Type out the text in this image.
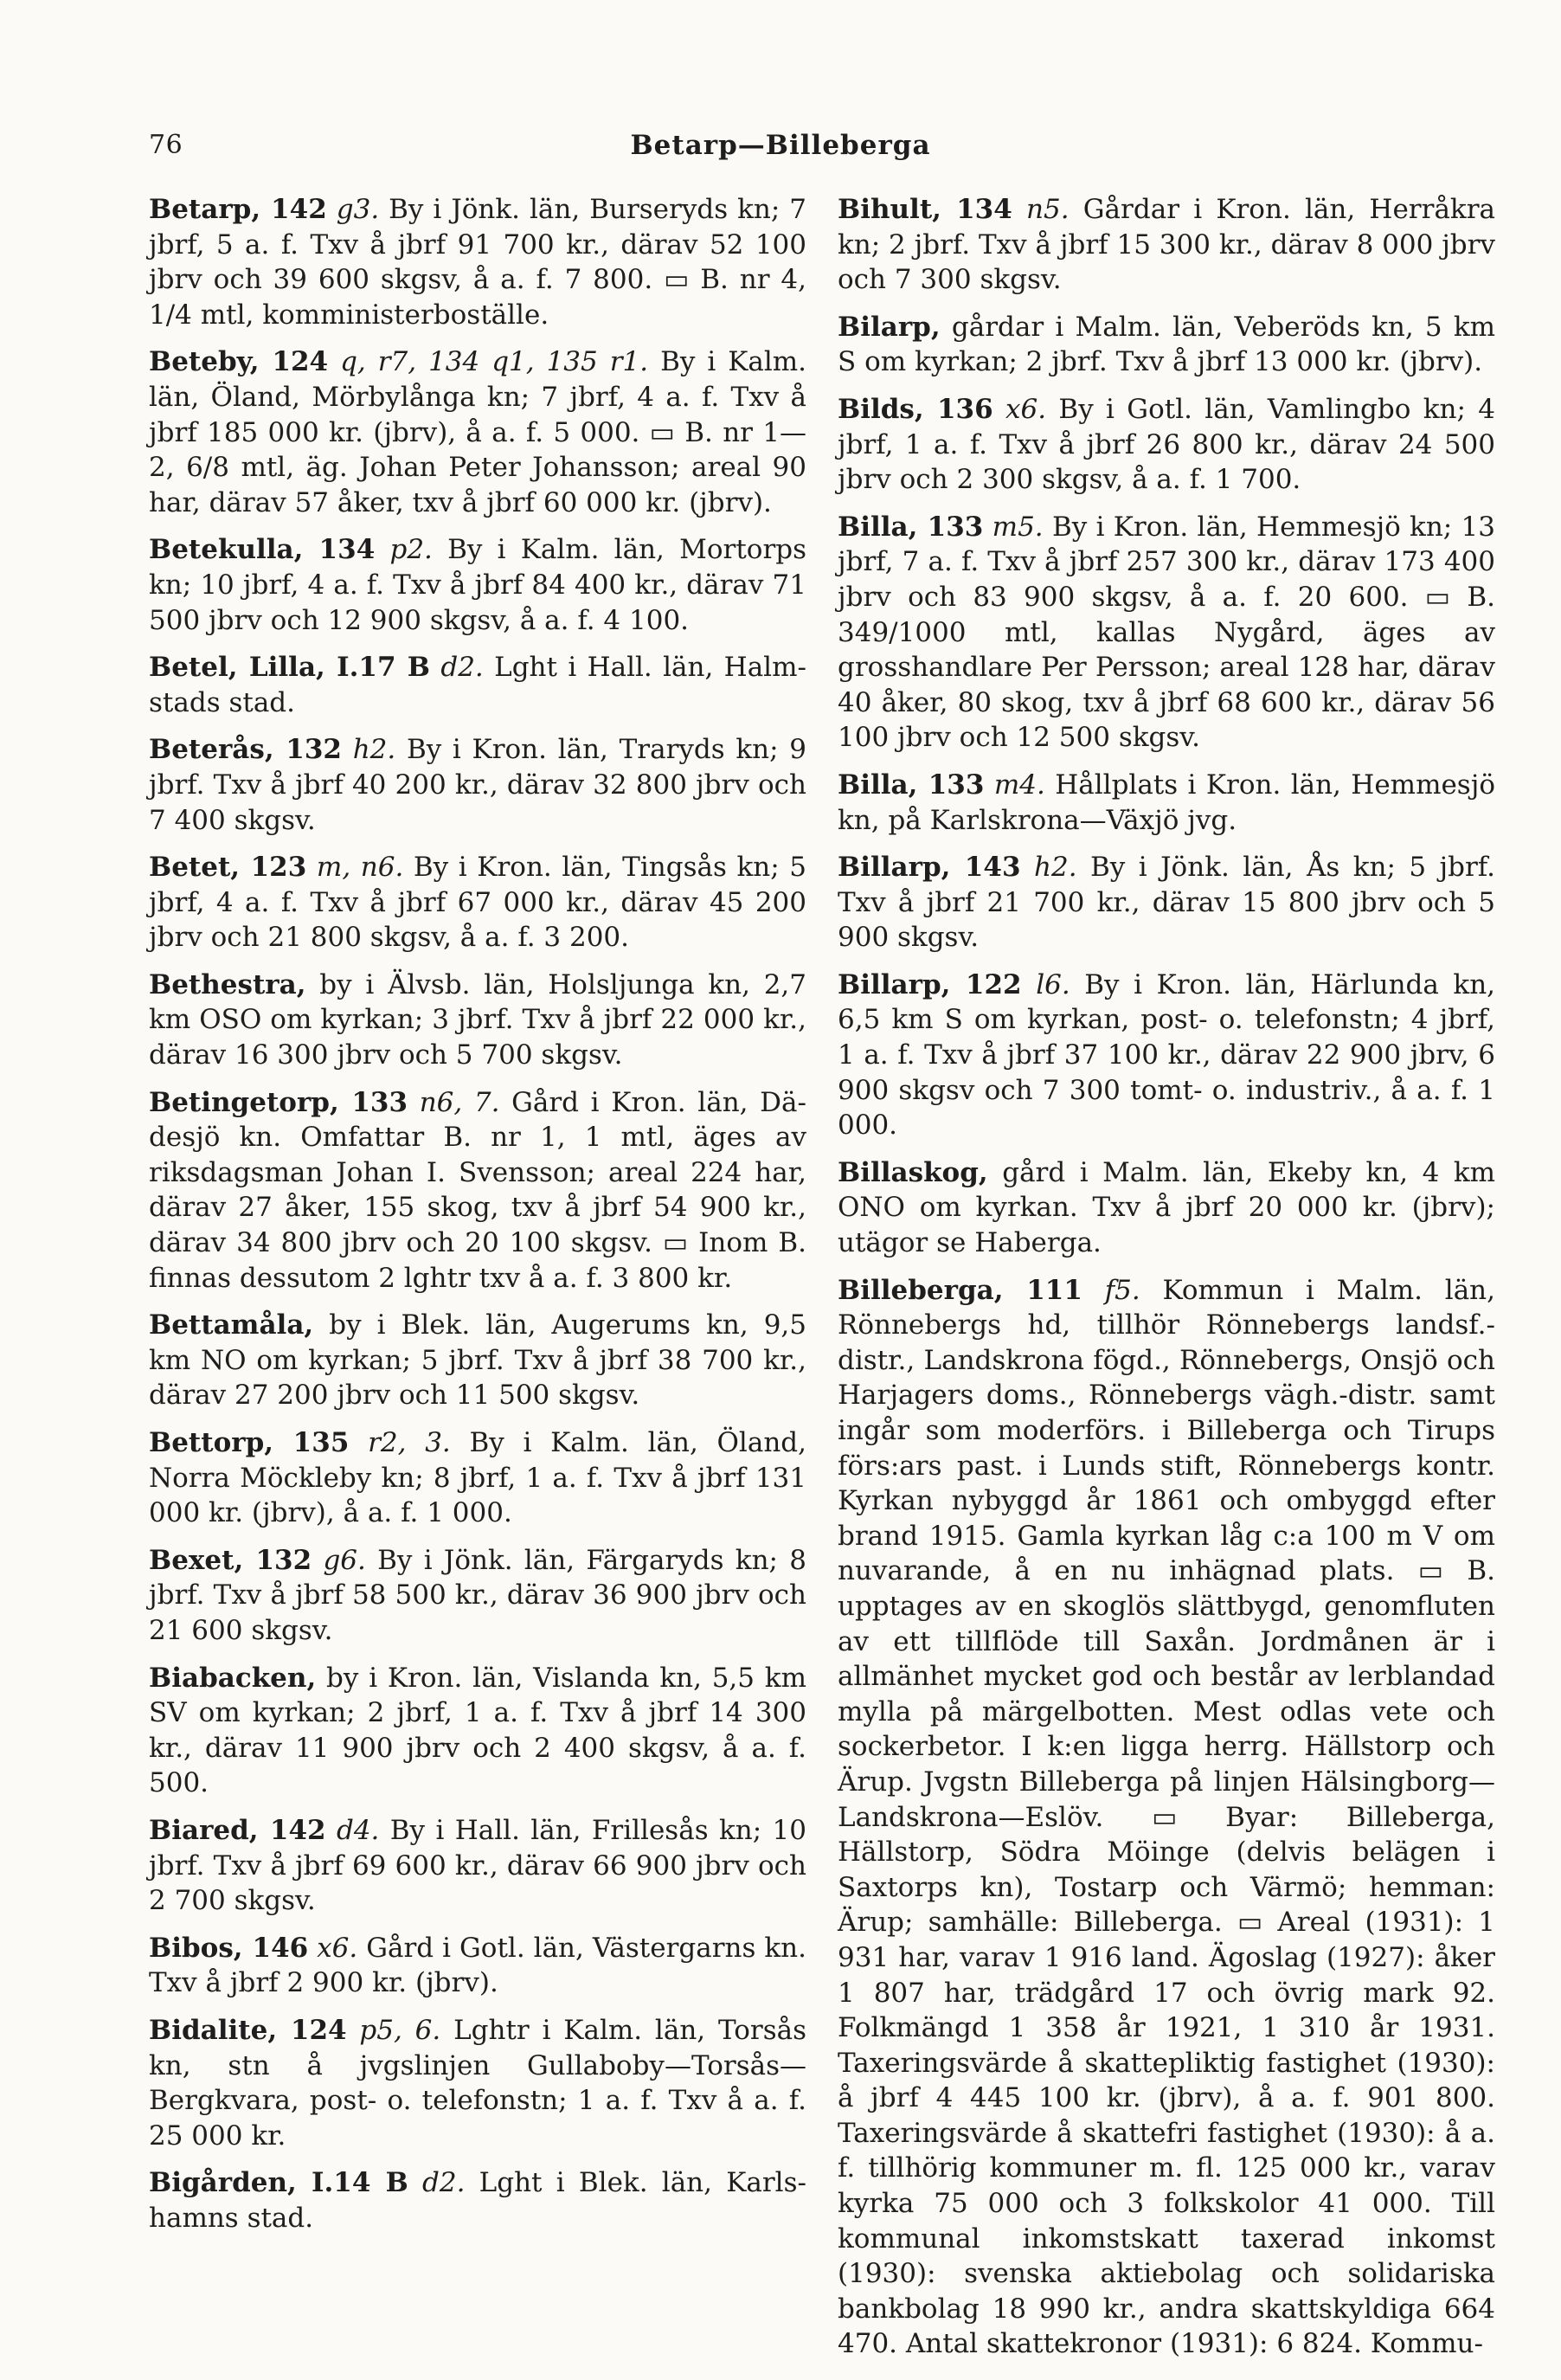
76	Betarp—Billeberga

Betarp, 142 g3. By i Jönk. län, Burseryds kn; 7 jbrf, 5 a. f. Txv å jbrf 91 700 kr., därav 52 100 jbrv och 39 600 skgsv, å a. f. 7 800. ▭ B. nr 4, 1/4 mtl, komministerboställe.

Beteby, 124 q, r7, 134 q1, 135 r1. By i Kalm. län, Öland, Mörbylånga kn; 7 jbrf, 4 a. f. Txv å jbrf 185 000 kr. (jbrv), å a. f. 5 000. ▭ B. nr 1—2, 6/8 mtl, äg. Johan Peter Johansson; areal 90 har, därav 57 åker, txv å jbrf 60 000 kr. (jbrv).

Betekulla, 134 p2. By i Kalm. län, Mortorps kn; 10 jbrf, 4 a. f. Txv å jbrf 84 400 kr., därav 71 500 jbrv och 12 900 skgsv, å a. f. 4 100.

Betel, Lilla, I.17 B d2. Lght i Hall. län, Halmstads stad.

Beterås, 132 h2. By i Kron. län, Traryds kn; 9 jbrf. Txv å jbrf 40 200 kr., därav 32 800 jbrv och 7 400 skgsv.

Betet, 123 m, n6. By i Kron. län, Tingsås kn; 5 jbrf, 4 a. f. Txv å jbrf 67 000 kr., därav 45 200 jbrv och 21 800 skgsv, å a. f. 3 200.

Bethestra, by i Älvsb. län, Holsljunga kn, 2,7 km OSO om kyrkan; 3 jbrf. Txv å jbrf 22 000 kr., därav 16 300 jbrv och 5 700 skgsv.

Betingetorp, 133 n6, 7. Gård i Kron. län, Dädesjö kn. Omfattar B. nr 1, 1 mtl, äges av riksdagsman Johan I. Svensson; areal 224 har, därav 27 åker, 155 skog, txv å jbrf 54 900 kr., därav 34 800 jbrv och 20 100 skgsv. ▭ Inom B. finnas dessutom 2 lghtr txv å a. f. 3 800 kr.

Bettamåla, by i Blek. län, Augerums kn, 9,5 km NO om kyrkan; 5 jbrf. Txv å jbrf 38 700 kr., därav 27 200 jbrv och 11 500 skgsv.

Bettorp, 135 r2, 3. By i Kalm. län, Öland, Norra Möckleby kn; 8 jbrf, 1 a. f. Txv å jbrf 131 000 kr. (jbrv), å a. f. 1 000.

Bexet, 132 g6. By i Jönk. län, Färgaryds kn; 8 jbrf. Txv å jbrf 58 500 kr., därav 36 900 jbrv och 21 600 skgsv.

Biabacken, by i Kron. län, Vislanda kn, 5,5 km SV om kyrkan; 2 jbrf, 1 a. f. Txv å jbrf 14 300 kr., därav 11 900 jbrv och 2 400 skgsv, å a. f. 500.

Biared, 142 d4. By i Hall. län, Frillesås kn; 10 jbrf. Txv å jbrf 69 600 kr., därav 66 900 jbrv och 2 700 skgsv.

Bibos, 146 x6. Gård i Gotl. län, Västergarns kn. Txv å jbrf 2 900 kr. (jbrv).

Bidalite, 124 p5, 6. Lghtr i Kalm. län, Torsås kn, stn å jvgslinjen Gullaboby—Torsås—Bergkvara, post- o. telefonstn; 1 a. f. Txv å a. f. 25 000 kr.

Bigården, I.14 B d2. Lght i Blek. län, Karlshamns stad.

Bihult, 134 n5. Gårdar i Kron. län, Herråkra kn; 2 jbrf. Txv å jbrf 15 300 kr., därav 8 000 jbrv och 7 300 skgsv.

Bilarp, gårdar i Malm. län, Veberöds kn, 5 km S om kyrkan; 2 jbrf. Txv å jbrf 13 000 kr. (jbrv).

Bilds, 136 x6. By i Gotl. län, Vamlingbo kn; 4 jbrf, 1 a. f. Txv å jbrf 26 800 kr., därav 24 500 jbrv och 2 300 skgsv, å a. f. 1 700.

Billa, 133 m5. By i Kron. län, Hemmesjö kn; 13 jbrf, 7 a. f. Txv å jbrf 257 300 kr., därav 173 400 jbrv och 83 900 skgsv, å a. f. 20 600. ▭ B. 349/1000 mtl, kallas Nygård, äges av grosshandlare Per Persson; areal 128 har, därav 40 åker, 80 skog, txv å jbrf 68 600 kr., därav 56 100 jbrv och 12 500 skgsv.

Billa, 133 m4. Hållplats i Kron. län, Hemmesjö kn, på Karlskrona—Växjö jvg.

Billarp, 143 h2. By i Jönk. län, Ås kn; 5 jbrf. Txv å jbrf 21 700 kr., därav 15 800 jbrv och 5 900 skgsv.

Billarp, 122 l6. By i Kron. län, Härlunda kn, 6,5 km S om kyrkan, post- o. telefonstn; 4 jbrf, 1 a. f. Txv å jbrf 37 100 kr., därav 22 900 jbrv, 6 900 skgsv och 7 300 tomt- o. industriv., å a. f. 1 000.

Billaskog, gård i Malm. län, Ekeby kn, 4 km ONO om kyrkan. Txv å jbrf 20 000 kr. (jbrv); utägor se Haberga.

Billeberga, 111 f5. Kommun i Malm. län, Rönnebergs hd, tillhör Rönnebergs landsf.-distr., Landskrona fögd., Rönnebergs, Onsjö och Harjagers doms., Rönnebergs vägh.-distr. samt ingår som moderförs. i Billeberga och Tirups förs:ars past. i Lunds stift, Rönnebergs kontr. Kyrkan nybyggd år 1861 och ombyggd efter brand 1915. Gamla kyrkan låg c:a 100 m V om nuvarande, å en nu inhägnad plats. ▭ B. upptages av en skoglös slättbygd, genomfluten av ett tillflöde till Saxån. Jordmånen är i allmänhet mycket god och består av lerblandad mylla på märgelbotten. Mest odlas vete och sockerbetor. I k:en ligga herrg. Hällstorp och Ärup. Jvgstn Billeberga på linjen Hälsingborg—Landskrona—Eslöv. ▭ Byar: Billeberga, Hällstorp, Södra Möinge (delvis belägen i Saxtorps kn), Tostarp och Värmö; hemman: Ärup; samhälle: Billeberga. ▭ Areal (1931): 1 931 har, varav 1 916 land. Ägoslag (1927): åker 1 807 har, trädgård 17 och övrig mark 92. Folkmängd 1 358 år 1921, 1 310 år 1931. Taxeringsvärde å skattepliktig fastighet (1930): å jbrf 4 445 100 kr. (jbrv), å a. f. 901 800. Taxeringsvärde å skattefri fastighet (1930): å a. f. tillhörig kommuner m. fl. 125 000 kr., varav kyrka 75 000 och 3 folkskolor 41 000. Till kommunal inkomstskatt taxerad inkomst (1930): svenska aktiebolag och solidariska bankbolag 18 990 kr., andra skattskyldiga 664 470. Antal skattekronor (1931): 6 824. Kommu-
